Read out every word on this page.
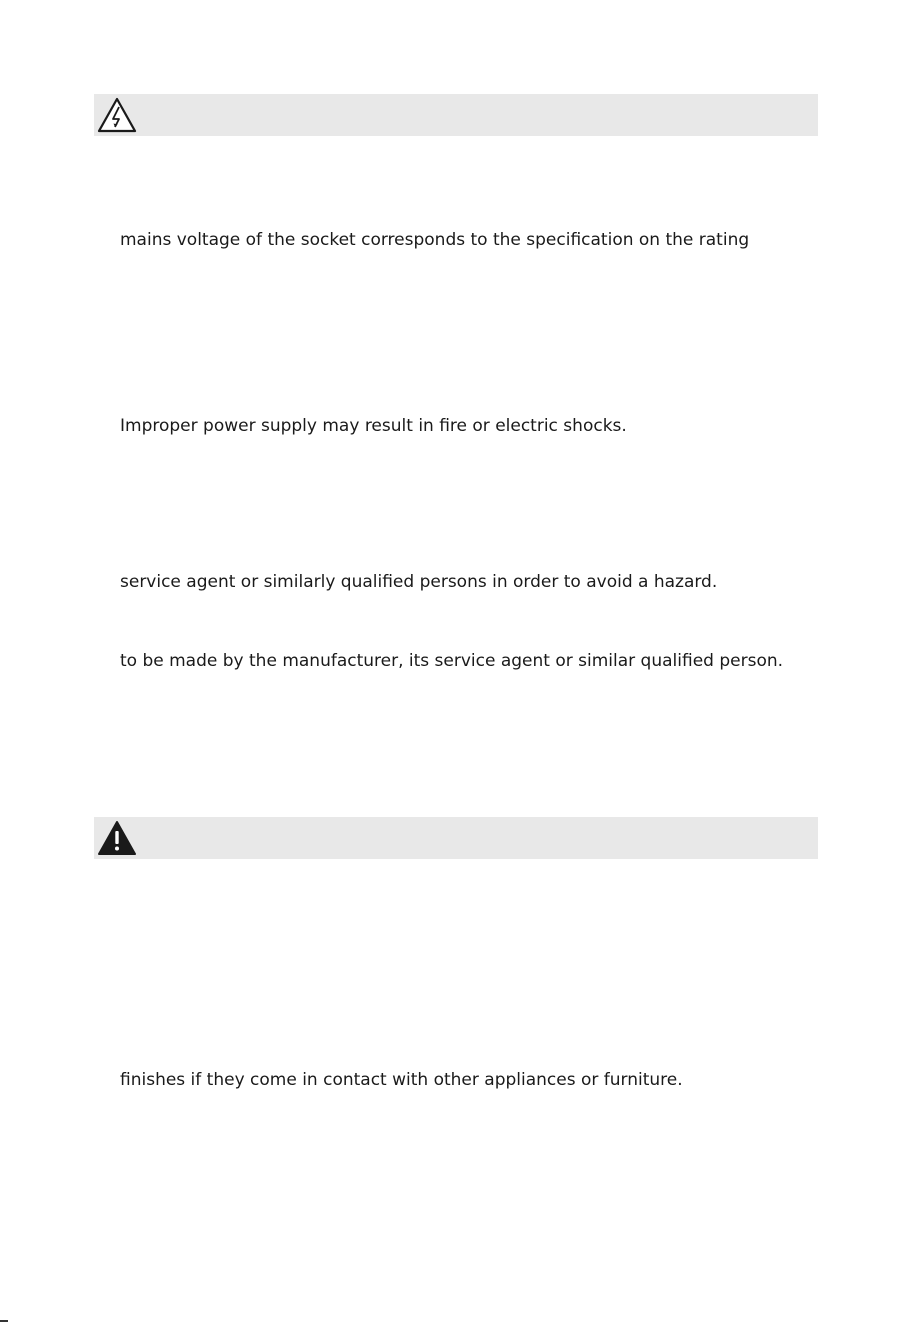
mains voltage of the socket corresponds to the specification on the rating
Improper power supply may result in fire or electric shocks.
service agent or similarly qualified persons in order to avoid a hazard.
to be made by the manufacturer, its service agent or similar qualified person.
finishes if they come in contact with other appliances or furniture.
